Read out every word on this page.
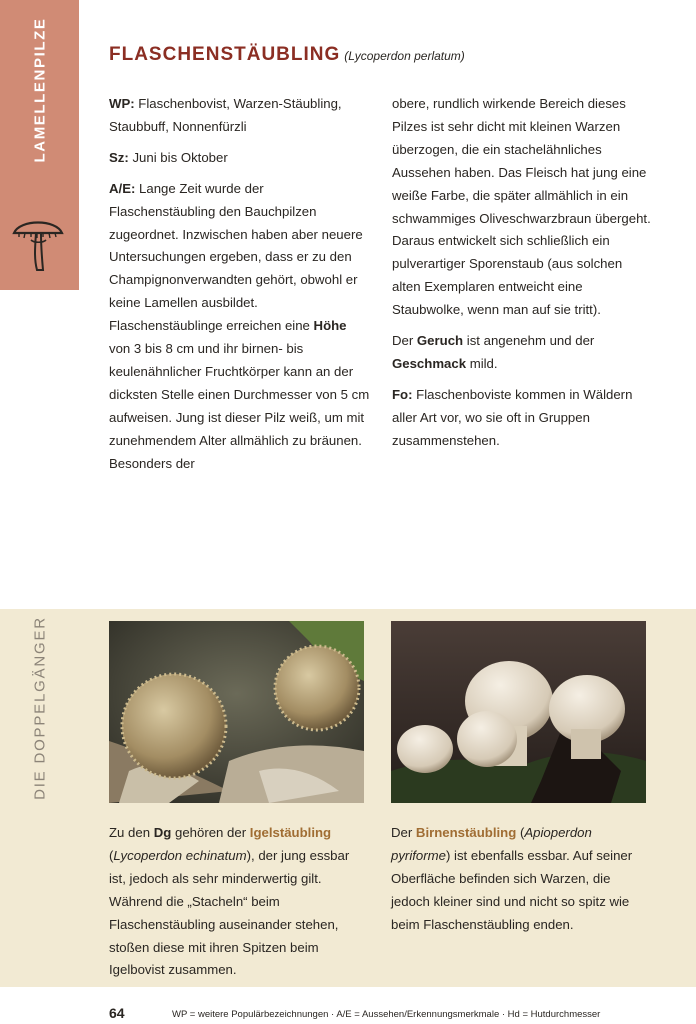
LAMELLENPILZE	FLASCHENSTÄUBLING (Lycoperdon perlatum)

WP: Flaschenbovist, Warzen-Stäubling, Staubbuff, Nonnenfürzli

Sz: Juni bis Oktober

A/E: Lange Zeit wurde der Flaschenstäubling den Bauchpilzen zugeordnet. Inzwischen haben aber neuere Untersuchungen ergeben, dass er zu den Champignonverwandten gehört, obwohl er keine Lamellen ausbildet. Flaschenstäublinge erreichen eine Höhe von 3 bis 8 cm und ihr birnen- bis keulenähnlicher Fruchtkörper kann an der dicksten Stelle einen Durchmesser von 5 cm aufweisen. Jung ist dieser Pilz weiß, um mit zunehmendem Alter allmählich zu bräunen. Besonders der

obere, rundlich wirkende Bereich dieses Pilzes ist sehr dicht mit kleinen Warzen überzogen, die ein stachelähnliches Aussehen haben. Das Fleisch hat jung eine weiße Farbe, die später allmählich in ein schwammiges Oliveschwarzbraun übergeht. Daraus entwickelt sich schließlich ein pulverartiger Sporenstaub (aus solchen alten Exemplaren entweicht eine Staubwolke, wenn man auf sie tritt).

Der Geruch ist angenehm und der Geschmack mild.

Fo: Flaschenboviste kommen in Wäldern aller Art vor, wo sie oft in Gruppen zusammenstehen.

DIE DOPPELGÄNGER

Zu den Dg gehören der Igelstäubling (Lycoperdon echinatum), der jung essbar ist, jedoch als sehr minderwertig gilt. Während die „Stacheln“ beim Flaschenstäubling auseinander stehen, stoßen diese mit ihren Spitzen beim Igelbovist zusammen.

Der Birnenstäubling (Apioperdon pyriforme) ist ebenfalls essbar. Auf seiner Oberfläche befinden sich Warzen, die jedoch kleiner sind und nicht so spitz wie beim Flaschenstäubling enden.

64	WP = weitere Populärbezeichnungen · A/E = Aussehen/Erkennungsmerkmale · Hd = Hutdurchmesser
